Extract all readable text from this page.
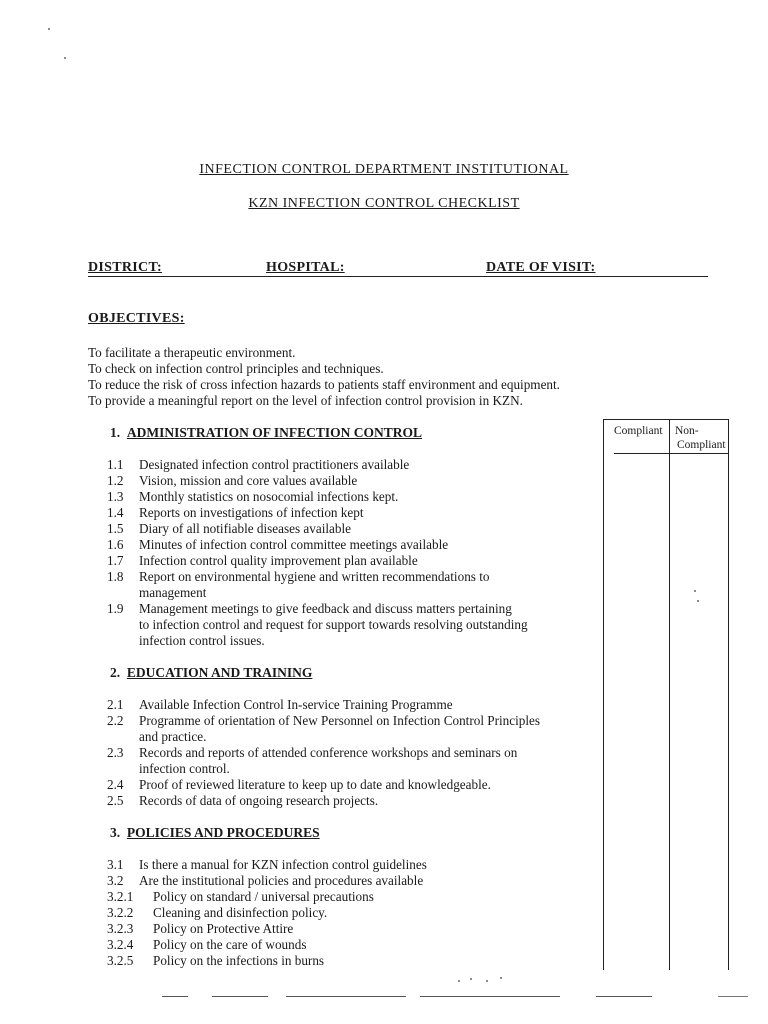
INFECTION CONTROL DEPARTMENT INSTITUTIONAL
KZN INFECTION CONTROL CHECKLIST
DISTRICT:	HOSPITAL:	DATE OF VISIT:
OBJECTIVES:
To facilitate a therapeutic environment.
To check on infection control principles and techniques.
To reduce the risk of cross infection hazards to patients staff environment and equipment.
To provide a meaningful report on the level of infection control provision in KZN.
Compliant Non-
Compliant
1. ADMINISTRATION OF INFECTION CONTROL
1.1 Designated infection control practitioners available
1.2 Vision, mission and core values available
1.3 Monthly statistics on nosocomial infections kept.
1.4 Reports on investigations of infection kept
1.5 Diary of all notifiable diseases available
1.6 Minutes of infection control committee meetings available
1.7 Infection control quality improvement plan available
1.8 Report on environmental hygiene and written recommendations to
management
1.9 Management meetings to give feedback and discuss matters pertaining
to infection control and request for support towards resolving outstanding
infection control issues.
2. EDUCATION AND TRAINING
2.1 Available Infection Control In-service Training Programme
2.2 Programme of orientation of New Personnel on Infection Control Principles
and practice.
2.3 Records and reports of attended conference workshops and seminars on
infection control.
2.4 Proof of reviewed literature to keep up to date and knowledgeable.
2.5 Records of data of ongoing research projects.
3. POLICIES AND PROCEDURES
3.1 Is there a manual for KZN infection control guidelines
3.2 Are the institutional policies and procedures available
3.2.1 Policy on standard / universal precautions
3.2.2 Cleaning and disinfection policy.
3.2.3 Policy on Protective Attire
3.2.4 Policy on the care of wounds
3.2.5 Policy on the infections in burns
